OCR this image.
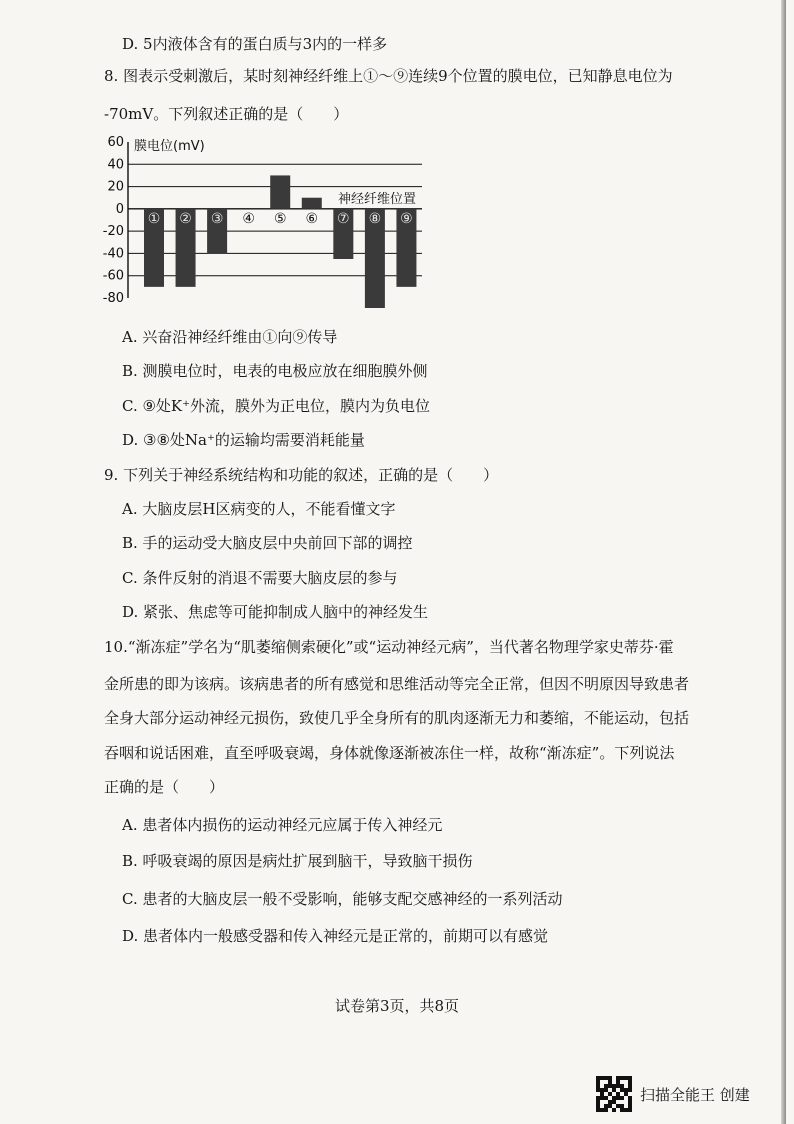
D. 5内液体含有的蛋白质与3内的一样多
8. 图表示受刺激后，某时刻神经纤维上①～⑨连续9个位置的膜电位，已知静息电位为
-70mV。下列叙述正确的是（　　）
60
40
20
0
-20
-40
-60
-80
膜电位(mV)
神经纤维位置
① ② ③ ④ ⑤ ⑥ ⑦ ⑧ ⑨
A. 兴奋沿神经纤维由①向⑨传导
B. 测膜电位时，电表的电极应放在细胞膜外侧
C. ⑨处K⁺外流，膜外为正电位，膜内为负电位
D. ③⑧处Na⁺的运输均需要消耗能量
9. 下列关于神经系统结构和功能的叙述，正确的是（　　）
A. 大脑皮层H区病变的人，不能看懂文字
B. 手的运动受大脑皮层中央前回下部的调控
C. 条件反射的消退不需要大脑皮层的参与
D. 紧张、焦虑等可能抑制成人脑中的神经发生
10.“渐冻症”学名为“肌萎缩侧索硬化”或“运动神经元病”，当代著名物理学家史蒂芬·霍
金所患的即为该病。该病患者的所有感觉和思维活动等完全正常，但因不明原因导致患者
全身大部分运动神经元损伤，致使几乎全身所有的肌肉逐渐无力和萎缩，不能运动，包括
吞咽和说话困难，直至呼吸衰竭，身体就像逐渐被冻住一样，故称“渐冻症”。下列说法
正确的是（　　）
A. 患者体内损伤的运动神经元应属于传入神经元
B. 呼吸衰竭的原因是病灶扩展到脑干，导致脑干损伤
C. 患者的大脑皮层一般不受影响，能够支配交感神经的一系列活动
D. 患者体内一般感受器和传入神经元是正常的，前期可以有感觉
试卷第3页，共8页
扫描全能王 创建
